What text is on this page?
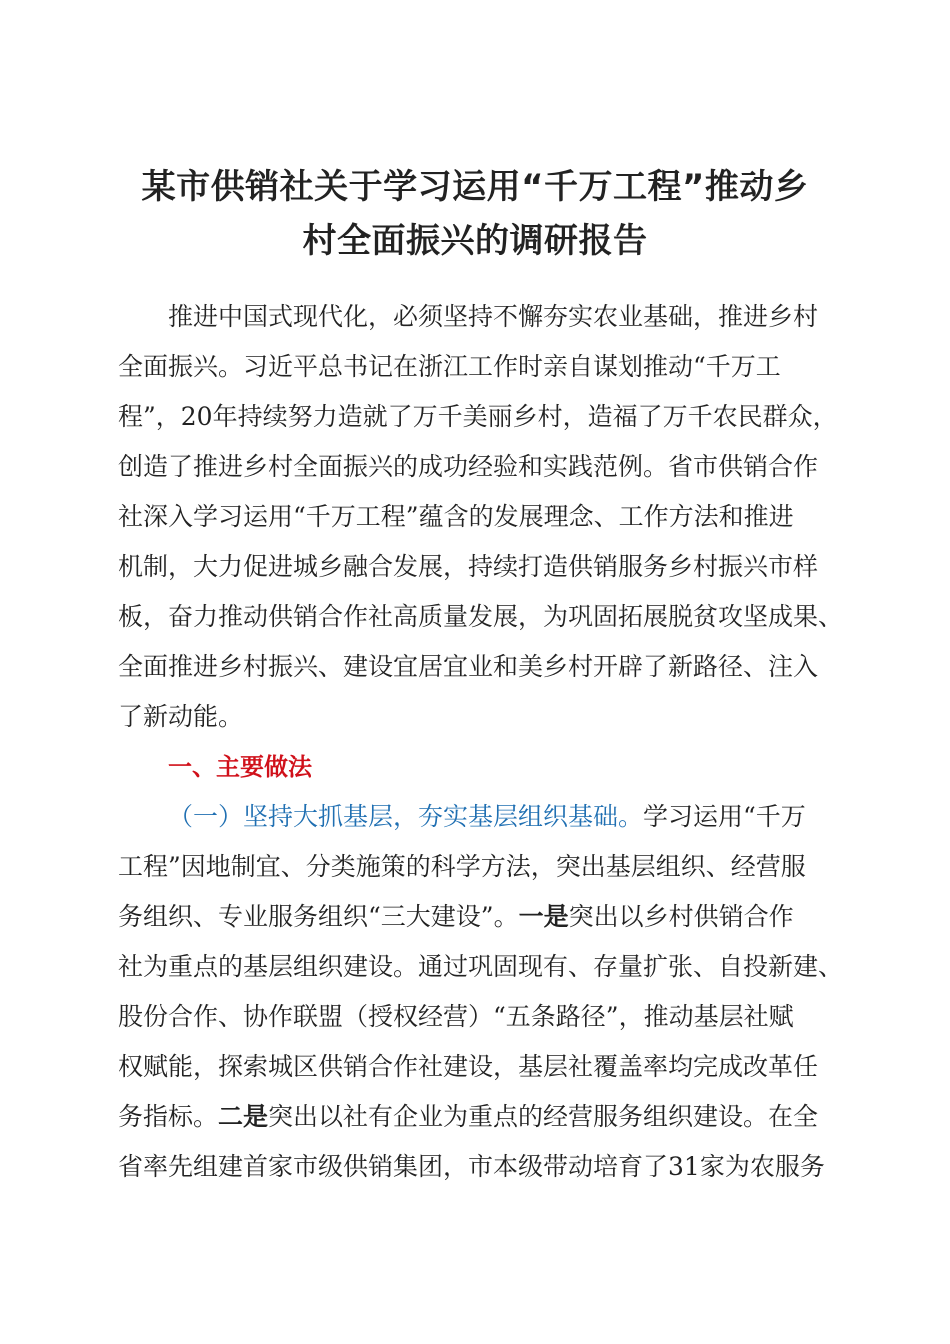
某市供销社关于学习运用“千万工程”推动乡
村全面振兴的调研报告
推进中国式现代化，必须坚持不懈夯实农业基础，推进乡村
全面振兴。习近平总书记在浙江工作时亲自谋划推动“千万工
程”，20年持续努力造就了万千美丽乡村，造福了万千农民群众，
创造了推进乡村全面振兴的成功经验和实践范例。省市供销合作
社深入学习运用“千万工程”蕴含的发展理念、工作方法和推进
机制，大力促进城乡融合发展，持续打造供销服务乡村振兴市样
板，奋力推动供销合作社高质量发展，为巩固拓展脱贫攻坚成果、
全面推进乡村振兴、建设宜居宜业和美乡村开辟了新路径、注入
了新动能。
一、主要做法
（一）坚持大抓基层，夯实基层组织基础。学习运用“千万
工程”因地制宜、分类施策的科学方法，突出基层组织、经营服
务组织、专业服务组织“三大建设”。一是突出以乡村供销合作
社为重点的基层组织建设。通过巩固现有、存量扩张、自投新建、
股份合作、协作联盟（授权经营）“五条路径”，推动基层社赋
权赋能，探索城区供销合作社建设，基层社覆盖率均完成改革任
务指标。二是突出以社有企业为重点的经营服务组织建设。在全
省率先组建首家市级供销集团，市本级带动培育了31家为农服务
